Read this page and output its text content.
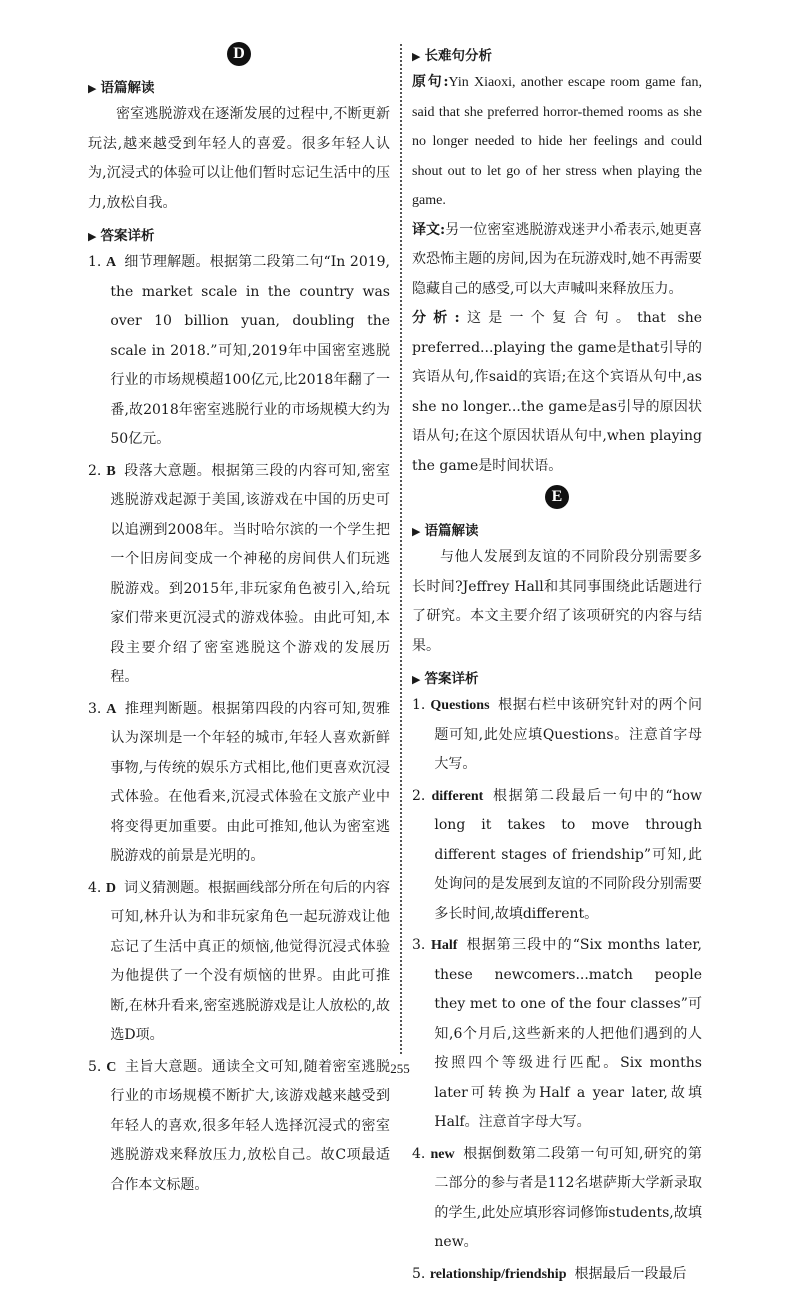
D
▶ 语篇解读

密室逃脱游戏在逐渐发展的过程中,不断更新玩法,越来越受到年轻人的喜爱。很多年轻人认为,沉浸式的体验可以让他们暂时忘记生活中的压力,放松自我。

▶ 答案详析
1. A 细节理解题。根据第二段第二句“In 2019, the market scale in the country was over 10 billion yuan, doubling the scale in 2018.”可知,2019年中国密室逃脱行业的市场规模超100亿元,比2018年翻了一番,故2018年密室逃脱行业的市场规模大约为50亿元。
2. B 段落大意题。根据第三段的内容可知,密室逃脱游戏起源于美国,该游戏在中国的历史可以追溯到2008年。当时哈尔滨的一个学生把一个旧房间变成一个神秘的房间供人们玩逃脱游戏。到2015年,非玩家角色被引入,给玩家们带来更沉浸式的游戏体验。由此可知,本段主要介绍了密室逃脱这个游戏的发展历程。
3. A 推理判断题。根据第四段的内容可知,贺雅认为深圳是一个年轻的城市,年轻人喜欢新鲜事物,与传统的娱乐方式相比,他们更喜欢沉浸式体验。在他看来,沉浸式体验在文旅产业中将变得更加重要。由此可推知,他认为密室逃脱游戏的前景是光明的。
4. D 词义猜测题。根据画线部分所在句后的内容可知,林升认为和非玩家角色一起玩游戏让他忘记了生活中真正的烦恼,他觉得沉浸式体验为他提供了一个没有烦恼的世界。由此可推断,在林升看来,密室逃脱游戏是让人放松的,故选D项。
5. C 主旨大意题。通读全文可知,随着密室逃脱行业的市场规模不断扩大,该游戏越来越受到年轻人的喜欢,很多年轻人选择沉浸式的密室逃脱游戏来释放压力,放松自己。故C项最适合作本文标题。
▶ 长难句分析

原句:Yin Xiaoxi, another escape room game fan, said that she preferred horror-themed rooms as she no longer needed to hide her feelings and could shout out to let go of her stress when playing the game.

译文:另一位密室逃脱游戏迷尹小希表示,她更喜欢恐怖主题的房间,因为在玩游戏时,她不再需要隐藏自己的感受,可以大声喊叫来释放压力。

分析:这是一个复合句。that she preferred...playing the game是that引导的宾语从句,作said的宾语;在这个宾语从句中,as she no longer...the game是as引导的原因状语从句;在这个原因状语从句中,when playing the game是时间状语。

E
▶ 语篇解读

与他人发展到友谊的不同阶段分别需要多长时间?Jeffrey Hall和其同事围绕此话题进行了研究。本文主要介绍了该项研究的内容与结果。

▶ 答案详析
1. Questions 根据右栏中该研究针对的两个问题可知,此处应填Questions。注意首字母大写。
2. different 根据第二段最后一句中的“how long it takes to move through different stages of friendship”可知,此处询问的是发展到友谊的不同阶段分别需要多长时间,故填different。
3. Half 根据第三段中的“Six months later, these newcomers...match people they met to one of the four classes”可知,6个月后,这些新来的人把他们遇到的人按照四个等级进行匹配。Six months later可转换为Half a year later,故填Half。注意首字母大写。
4. new 根据倒数第二段第一句可知,研究的第二部分的参与者是112名堪萨斯大学新录取的学生,此处应填形容词修饰students,故填new。
5. relationship/friendship 根据最后一段最后
255
